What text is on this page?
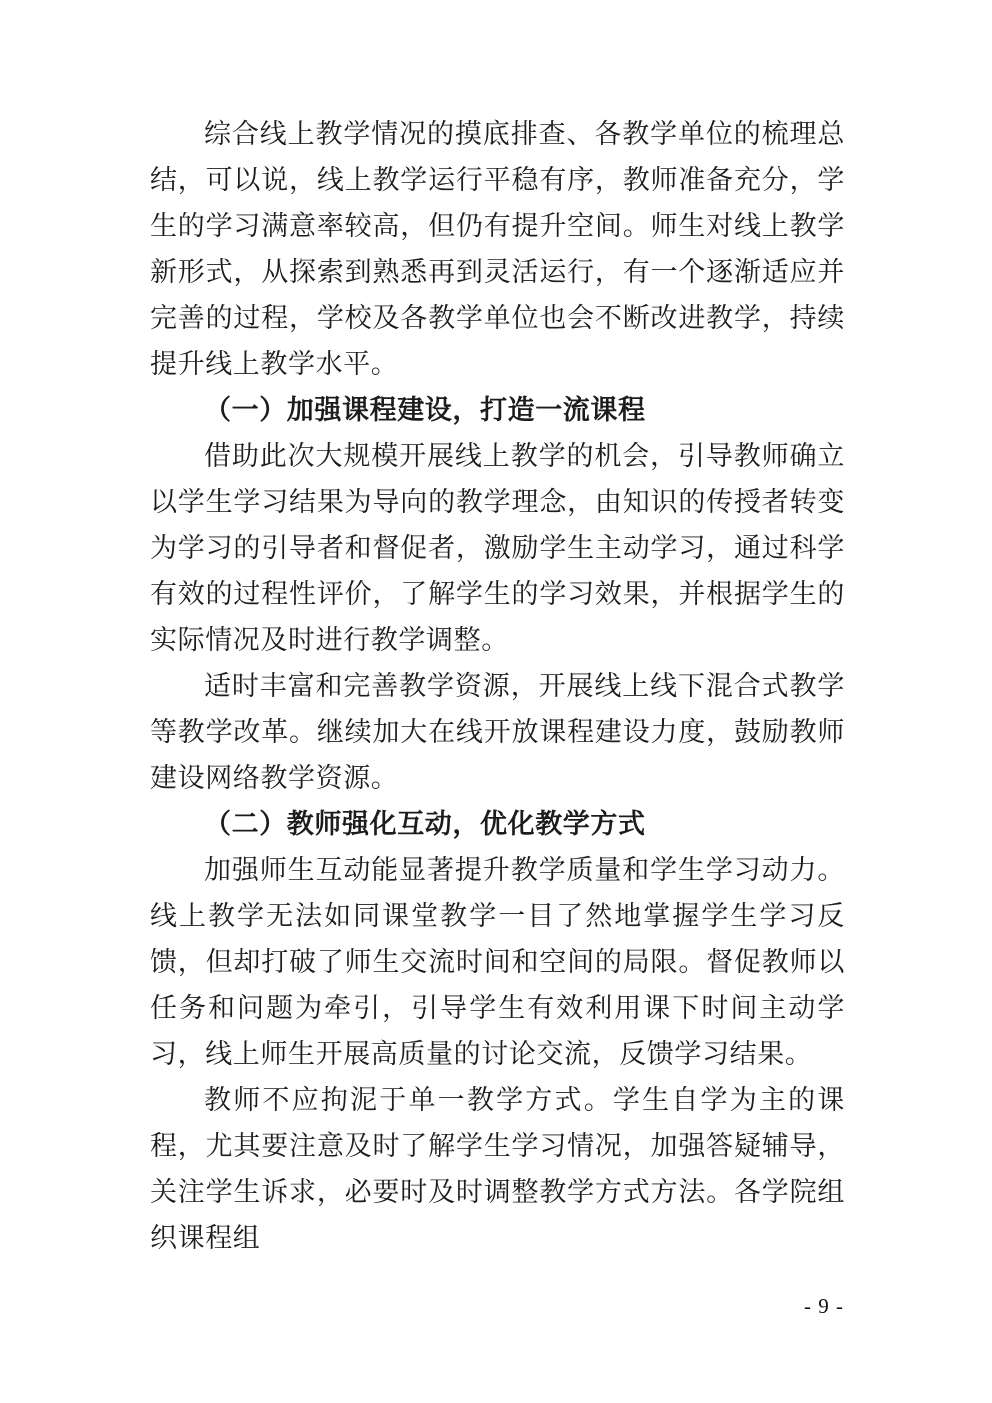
综合线上教学情况的摸底排查、各教学单位的梳理总结，可以说，线上教学运行平稳有序，教师准备充分，学生的学习满意率较高，但仍有提升空间。师生对线上教学新形式，从探索到熟悉再到灵活运行，有一个逐渐适应并完善的过程，学校及各教学单位也会不断改进教学，持续提升线上教学水平。

（一）加强课程建设，打造一流课程

借助此次大规模开展线上教学的机会，引导教师确立以学生学习结果为导向的教学理念，由知识的传授者转变为学习的引导者和督促者，激励学生主动学习，通过科学有效的过程性评价，了解学生的学习效果，并根据学生的实际情况及时进行教学调整。

适时丰富和完善教学资源，开展线上线下混合式教学等教学改革。继续加大在线开放课程建设力度，鼓励教师建设网络教学资源。

（二）教师强化互动，优化教学方式

加强师生互动能显著提升教学质量和学生学习动力。线上教学无法如同课堂教学一目了然地掌握学生学习反馈，但却打破了师生交流时间和空间的局限。督促教师以任务和问题为牵引，引导学生有效利用课下时间主动学习，线上师生开展高质量的讨论交流，反馈学习结果。

教师不应拘泥于单一教学方式。学生自学为主的课程，尤其要注意及时了解学生学习情况，加强答疑辅导，关注学生诉求，必要时及时调整教学方式方法。各学院组织课程组

- 9 -
